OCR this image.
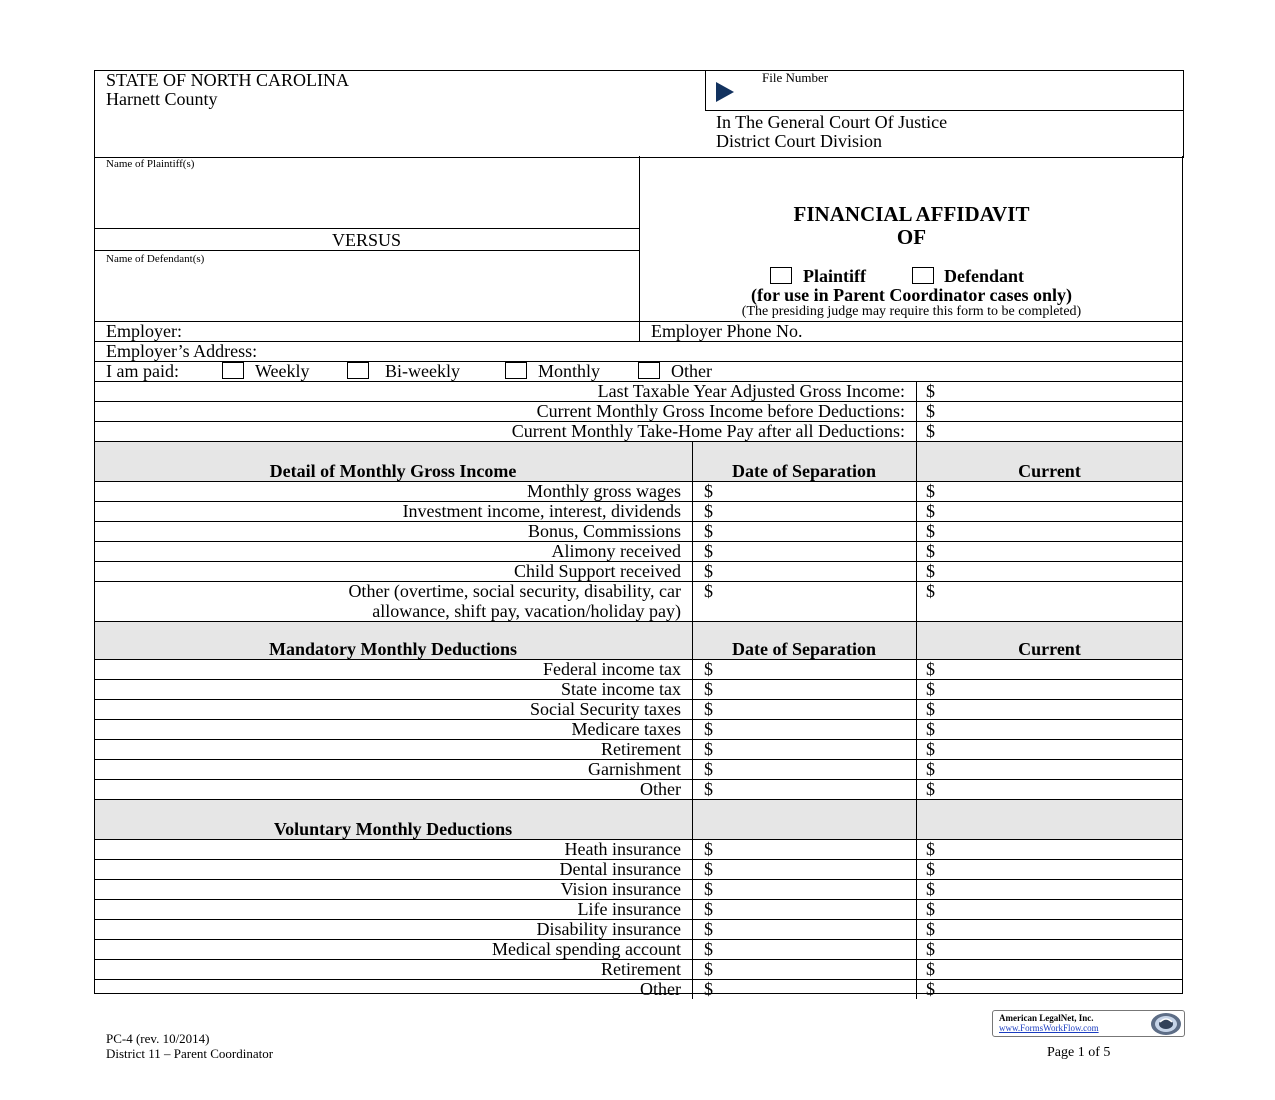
STATE OF NORTH CAROLINA
Harnett County
File Number
In The General Court Of Justice
District Court Division
Name of Plaintiff(s)
VERSUS
Name of Defendant(s)
FINANCIAL AFFIDAVIT
OF
Plaintiff	Defendant
(for use in Parent Coordinator cases only)
(The presiding judge may require this form to be completed)
Employer:	Employer Phone No.
Employer’s Address:
I am paid:	Weekly	Bi-weekly	Monthly	Other
Last Taxable Year Adjusted Gross Income: $
Current Monthly Gross Income before Deductions: $
Current Monthly Take-Home Pay after all Deductions: $
Detail of Monthly Gross Income	Date of Separation	Current
Monthly gross wages $	$
Investment income, interest, dividends $	$
Bonus, Commissions $	$
Alimony received $	$
Child Support received $	$
Other (overtime, social security, disability, car
allowance, shift pay, vacation/holiday pay)
$	$
Mandatory Monthly Deductions	Date of Separation	Current
Federal income tax $	$
State income tax $	$
Social Security taxes $	$
Medicare taxes $	$
Retirement $	$
Garnishment $	$
Other $	$
Voluntary Monthly Deductions
Heath insurance $	$
Dental insurance $	$
Vision insurance $	$
Life insurance $	$
Disability insurance $	$
Medical spending account $	$
Retirement $	$
Other $	$
PC-4 (rev. 10/2014)
District 11 – Parent Coordinator
American LegalNet, Inc.
www.FormsWorkFlow.com
Page 1 of 5
